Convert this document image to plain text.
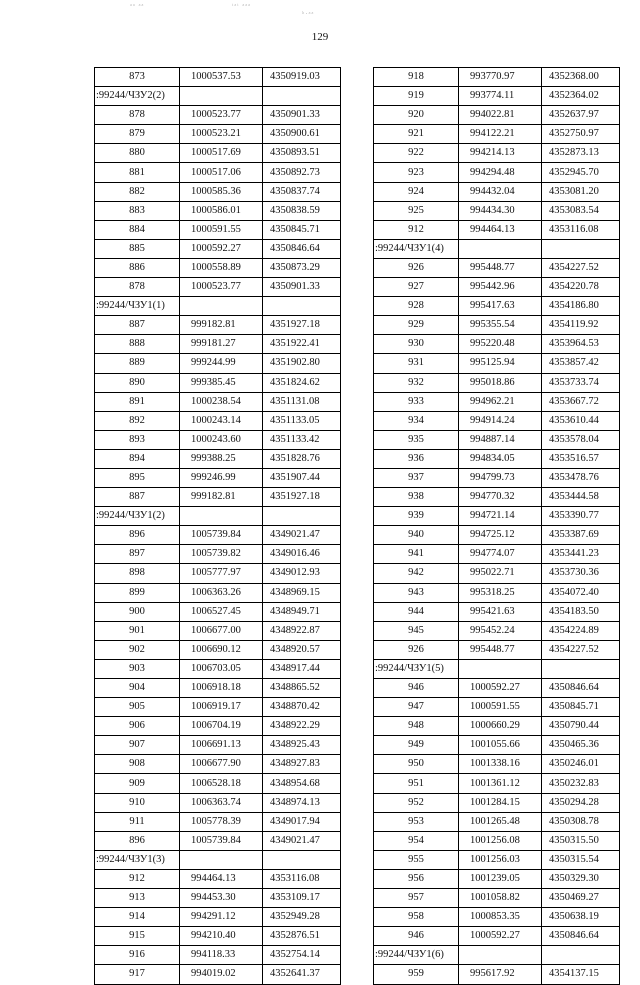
ᵃᵃ ᵃᵃ	ᵗᵃᵗ ᵃᵃᵃ
ʰ·ᵃᵃ
129
873	1000537.53	4350919.03
:99244/ЧЗУ2(2)		
878	1000523.77	4350901.33
879	1000523.21	4350900.61
880	1000517.69	4350893.51
881	1000517.06	4350892.73
882	1000585.36	4350837.74
883	1000586.01	4350838.59
884	1000591.55	4350845.71
885	1000592.27	4350846.64
886	1000558.89	4350873.29
878	1000523.77	4350901.33
:99244/ЧЗУ1(1)		
887	999182.81	4351927.18
888	999181.27	4351922.41
889	999244.99	4351902.80
890	999385.45	4351824.62
891	1000238.54	4351131.08
892	1000243.14	4351133.05
893	1000243.60	4351133.42
894	999388.25	4351828.76
895	999246.99	4351907.44
887	999182.81	4351927.18
:99244/ЧЗУ1(2)		
896	1005739.84	4349021.47
897	1005739.82	4349016.46
898	1005777.97	4349012.93
899	1006363.26	4348969.15
900	1006527.45	4348949.71
901	1006677.00	4348922.87
902	1006690.12	4348920.57
903	1006703.05	4348917.44
904	1006918.18	4348865.52
905	1006919.17	4348870.42
906	1006704.19	4348922.29
907	1006691.13	4348925.43
908	1006677.90	4348927.83
909	1006528.18	4348954.68
910	1006363.74	4348974.13
911	1005778.39	4349017.94
896	1005739.84	4349021.47
:99244/ЧЗУ1(3)		
912	994464.13	4353116.08
913	994453.30	4353109.17
914	994291.12	4352949.28
915	994210.40	4352876.51
916	994118.33	4352754.14
917	994019.02	4352641.37
918	993770.97	4352368.00
919	993774.11	4352364.02
920	994022.81	4352637.97
921	994122.21	4352750.97
922	994214.13	4352873.13
923	994294.48	4352945.70
924	994432.04	4353081.20
925	994434.30	4353083.54
912	994464.13	4353116.08
:99244/ЧЗУ1(4)		
926	995448.77	4354227.52
927	995442.96	4354220.78
928	995417.63	4354186.80
929	995355.54	4354119.92
930	995220.48	4353964.53
931	995125.94	4353857.42
932	995018.86	4353733.74
933	994962.21	4353667.72
934	994914.24	4353610.44
935	994887.14	4353578.04
936	994834.05	4353516.57
937	994799.73	4353478.76
938	994770.32	4353444.58
939	994721.14	4353390.77
940	994725.12	4353387.69
941	994774.07	4353441.23
942	995022.71	4353730.36
943	995318.25	4354072.40
944	995421.63	4354183.50
945	995452.24	4354224.89
926	995448.77	4354227.52
:99244/ЧЗУ1(5)		
946	1000592.27	4350846.64
947	1000591.55	4350845.71
948	1000660.29	4350790.44
949	1001055.66	4350465.36
950	1001338.16	4350246.01
951	1001361.12	4350232.83
952	1001284.15	4350294.28
953	1001265.48	4350308.78
954	1001256.08	4350315.50
955	1001256.03	4350315.54
956	1001239.05	4350329.30
957	1001058.82	4350469.27
958	1000853.35	4350638.19
946	1000592.27	4350846.64
:99244/ЧЗУ1(6)		
959	995617.92	4354137.15
